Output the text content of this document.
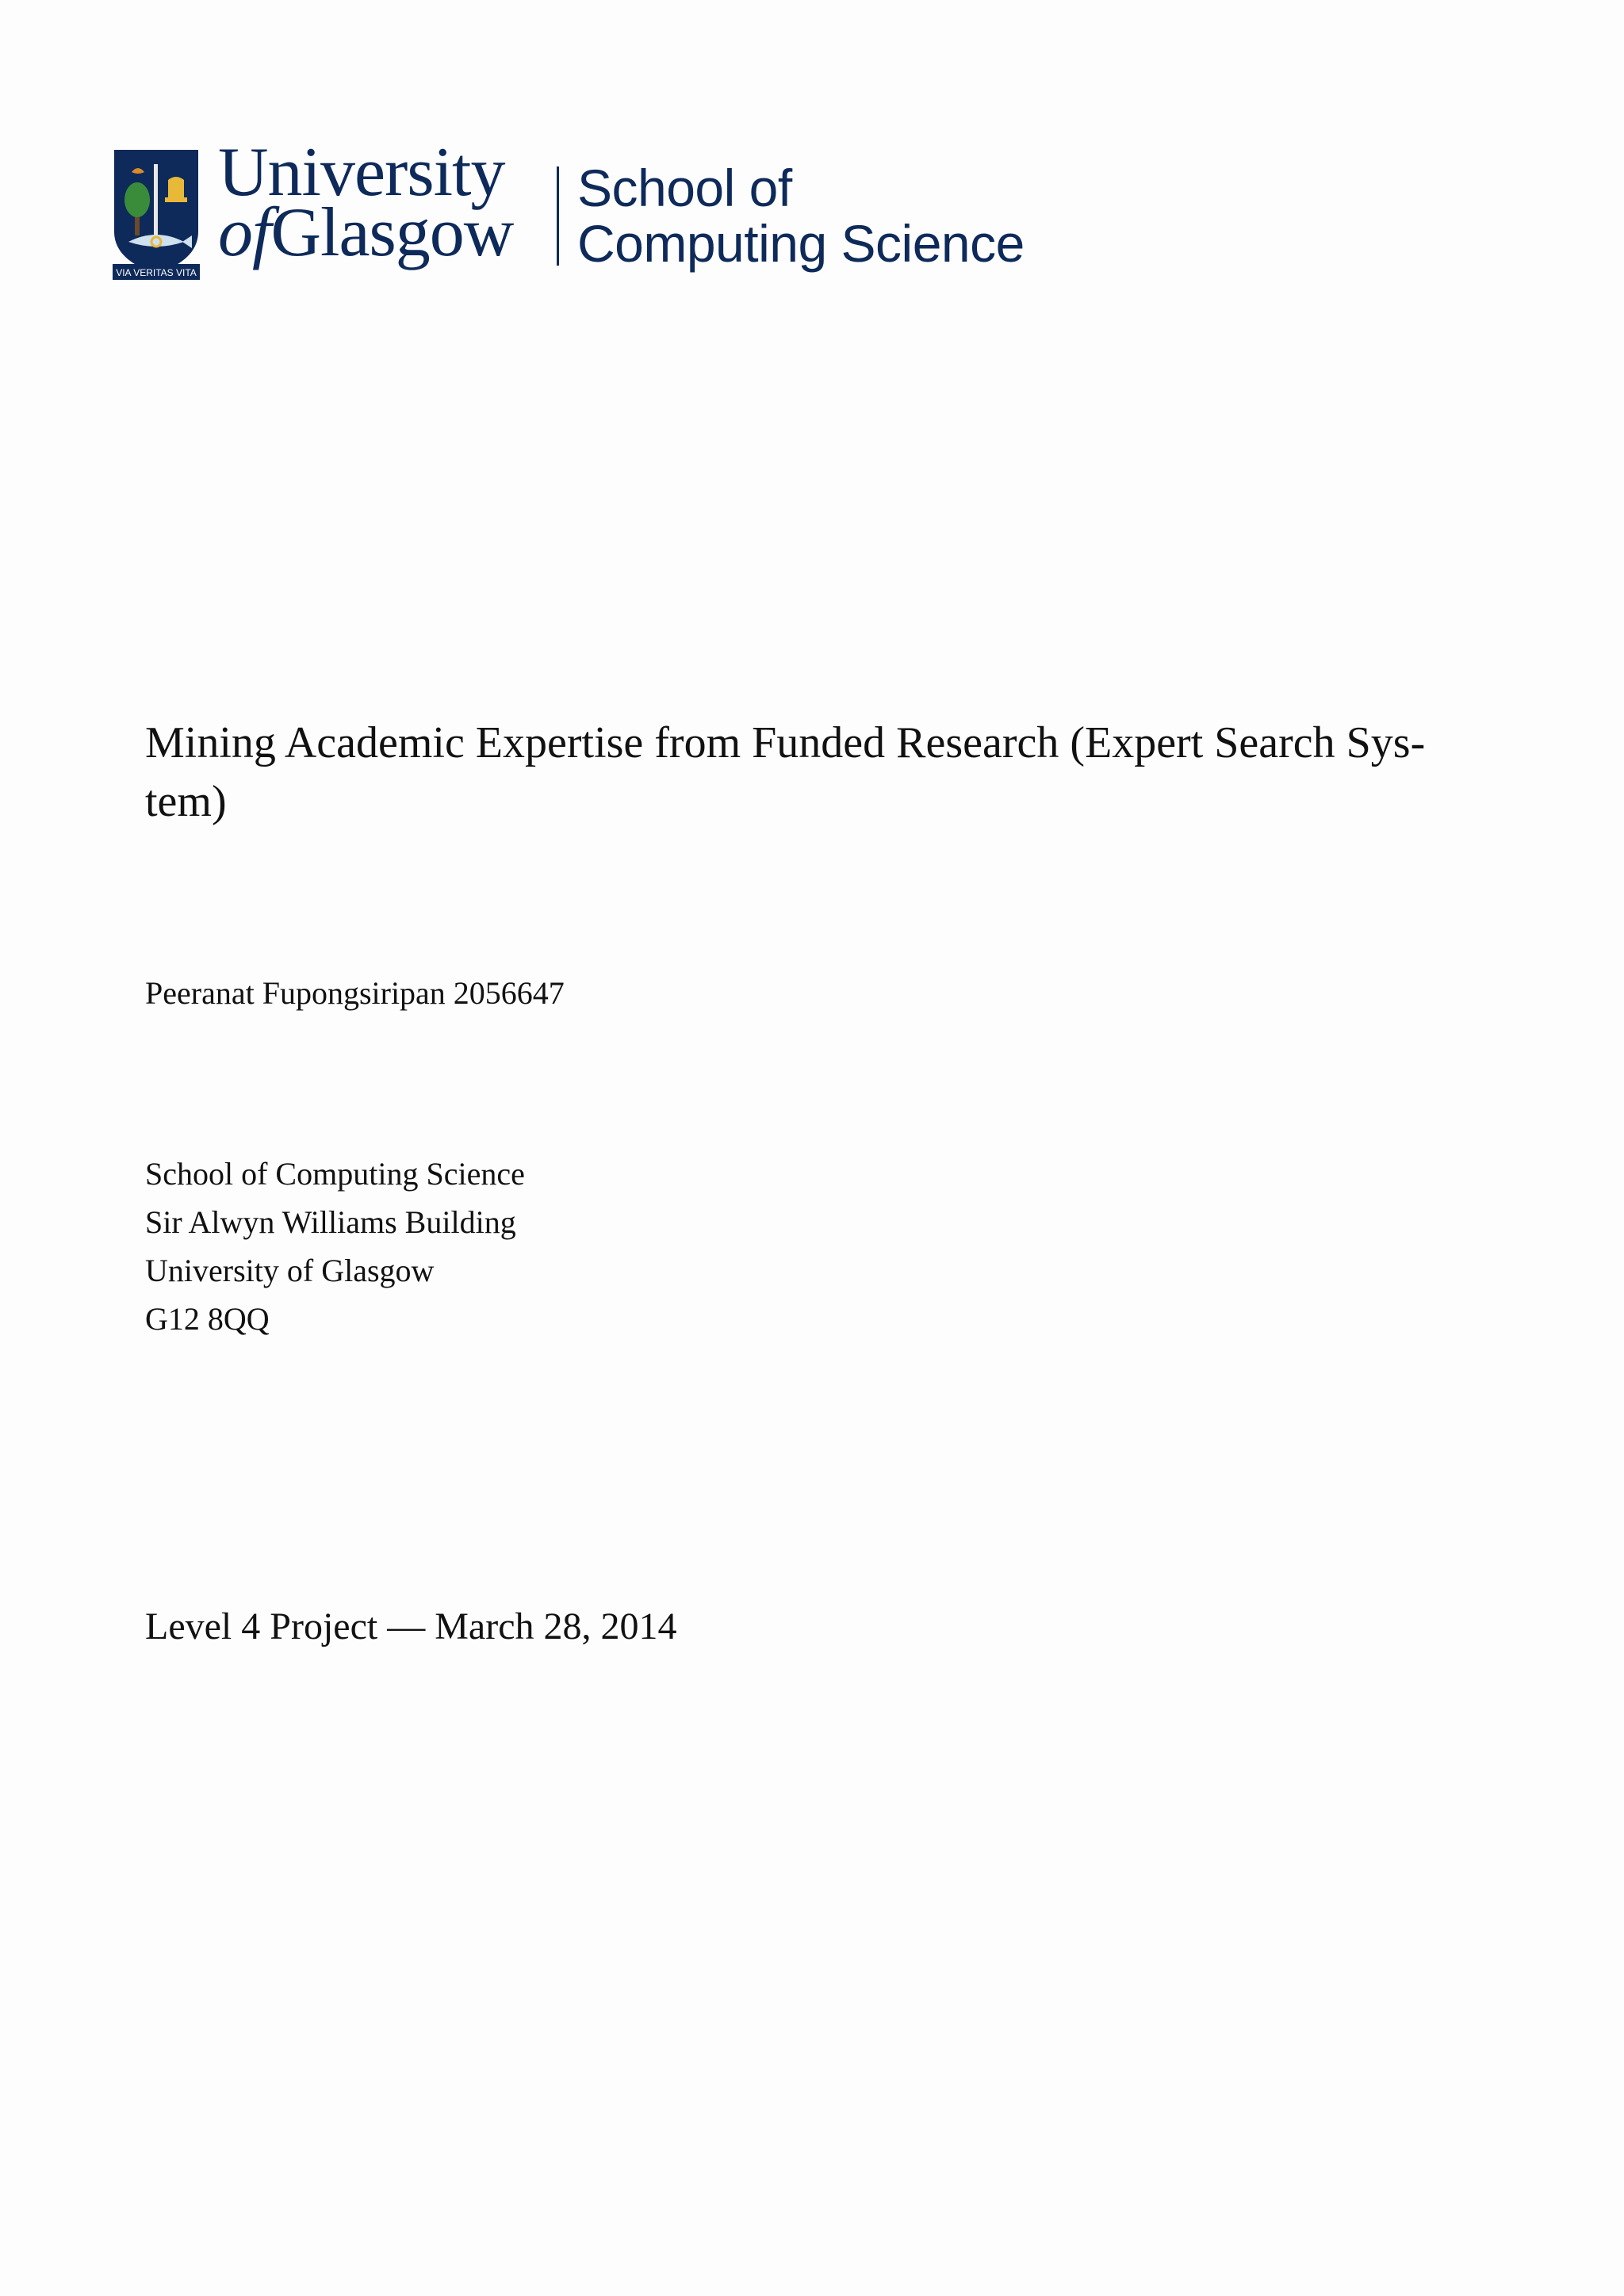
VIA VERITAS VITA
University
ofGlasgow
School of
Computing Science
Mining Academic Expertise from Funded Research (Expert Search Sys-tem)
Peeranat Fupongsiripan 2056647
School of Computing Science
Sir Alwyn Williams Building
University of Glasgow
G12 8QQ
Level 4 Project — March 28, 2014
